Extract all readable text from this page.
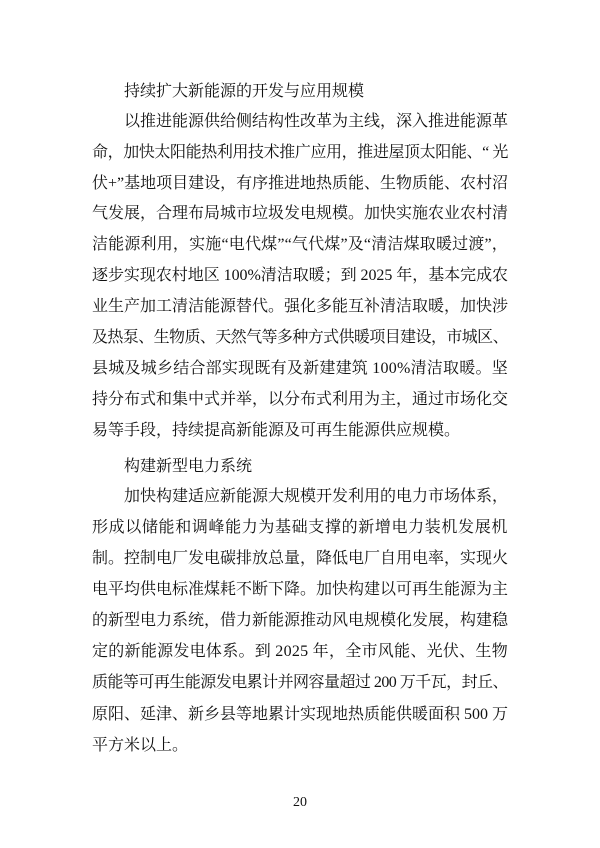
持续扩大新能源的开发与应用规模
以推进能源供给侧结构性改革为主线，深入推进能源革
命，加快太阳能热利用技术推广应用，推进屋顶太阳能、“ 光
伏+”基地项目建设，有序推进地热质能、生物质能、农村沼
气发展，合理布局城市垃圾发电规模。加快实施农业农村清
洁能源利用，实施“电代煤”“气代煤”及“清洁煤取暖过渡”，
逐步实现农村地区 100%清洁取暖；到 2025 年，基本完成农
业生产加工清洁能源替代。强化多能互补清洁取暖，加快涉
及热泵、生物质、天然气等多种方式供暖项目建设，市城区、
县城及城乡结合部实现既有及新建建筑 100%清洁取暖。坚
持分布式和集中式并举，以分布式利用为主，通过市场化交
易等手段，持续提高新能源及可再生能源供应规模。
构建新型电力系统
加快构建适应新能源大规模开发利用的电力市场体系，
形成以储能和调峰能力为基础支撑的新增电力装机发展机
制。控制电厂发电碳排放总量，降低电厂自用电率，实现火
电平均供电标准煤耗不断下降。加快构建以可再生能源为主
的新型电力系统，借力新能源推动风电规模化发展，构建稳
定的新能源发电体系。到 2025 年，全市风能、光伏、生物
质能等可再生能源发电累计并网容量超过 200 万千瓦，封丘、
原阳、延津、新乡县等地累计实现地热质能供暖面积 500 万
平方米以上。
20
